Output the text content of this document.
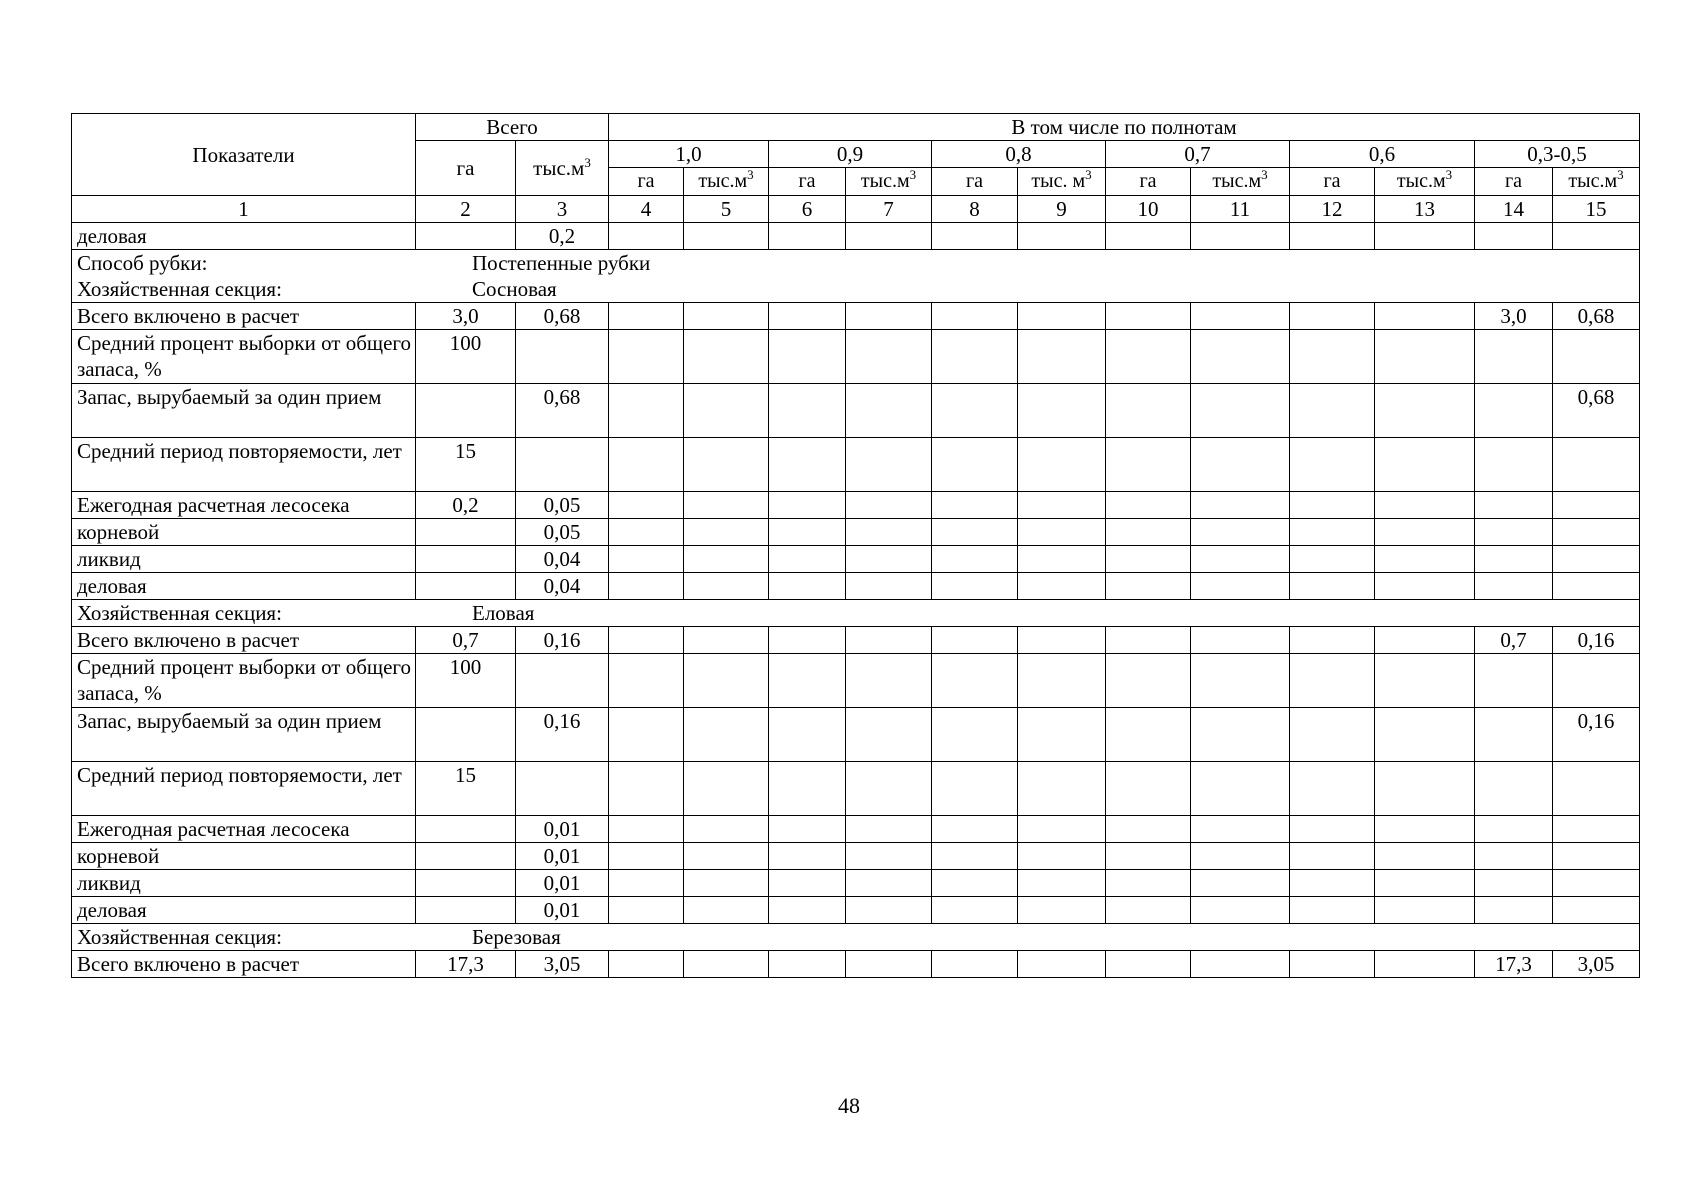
Показатели	Всего		В том числе по полнотам											
	га	$тыс.м^3$	1,0		0,9		0,8		0,7		0,6		0,3-0,5	
			га	$тыс.м^3$	га	$тыс.м^3$	га	тыс. $м^3$	га	$тыс.м^3$	га	$тыс.м^3$	га	$тыс.м^3$
1	2	3	4	5	6	7	8	9	10	11	12	13	14	15
деловая		0,2												

Способ рубки: Постепенные рубки
Хозяйственная секция: Сосновая														

Всего включено в расчет	3,0	0,68											3,0	0,68
Средний процент выборки от общего запаса, %	100													
Запас, вырубаемый за один прием		0,68												0,68
Средний период повторяемости, лет	15													
Ежегодная расчетная лесосека	0,2	0,05												
корневой		0,05												
ликвид		0,04												
деловая		0,04												

Хозяйственная секция: Еловая														

Всего включено в расчет	0,7	0,16											0,7	0,16
Средний процент выборки от общего запаса, %	100													
Запас, вырубаемый за один прием		0,16												0,16
Средний период повторяемости, лет	15													
Ежегодная расчетная лесосека		0,01												
корневой		0,01												
ликвид		0,01												
деловая		0,01												

Хозяйственная секция: Березовая														

Всего включено в расчет	17,3	3,05											17,3	3,05
48
